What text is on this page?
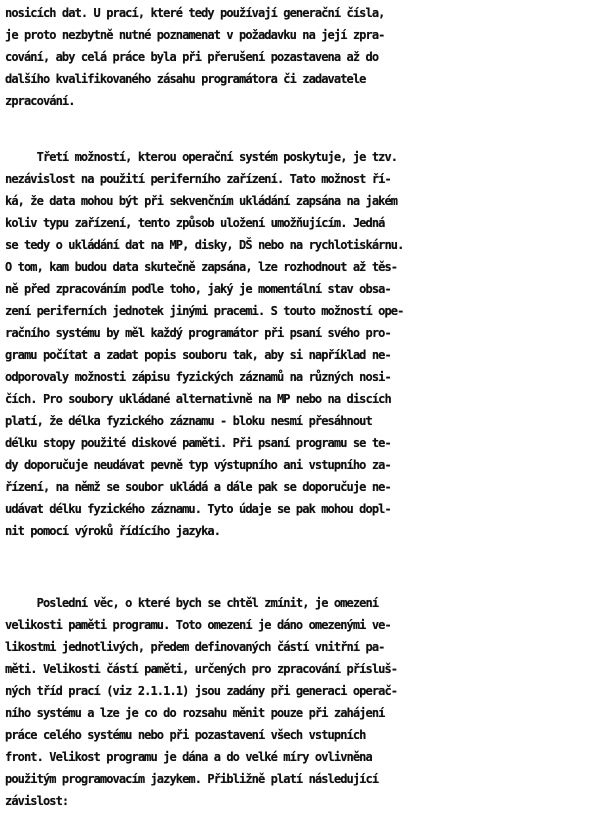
nosicích dat. U prací, které tedy používají generační čísla,
je proto nezbytně nutné poznamenat v požadavku na její zpra-
cování, aby celá práce byla při přerušení pozastavena až do
dalšího kvalifikovaného zásahu programátora či zadavatele
zpracování.
Třetí možností, kterou operační systém poskytuje, je tzv.
nezávislost na použití periferního zařízení. Tato možnost ří-
ká, že data mohou být při sekvenčním ukládání zapsána na jakém
koliv typu zařízení, tento způsob uložení umožňujícím. Jedná
se tedy o ukládání dat na MP, disky, DŠ nebo na rychlotiskárnu.
O tom, kam budou data skutečně zapsána, lze rozhodnout až těs-
ně před zpracováním podle toho, jaký je momentální stav obsa-
zení periferních jednotek jinými pracemi. S touto možností ope-
račního systému by měl každý programátor při psaní svého pro-
gramu počítat a zadat popis souboru tak, aby si například ne-
odporovaly možnosti zápisu fyzických záznamů na různých nosi-
čích. Pro soubory ukládané alternativně na MP nebo na discích
platí, že délka fyzického záznamu - bloku nesmí přesáhnout
délku stopy použité diskové paměti. Při psaní programu se te-
dy doporučuje neudávat pevně typ výstupního ani vstupního za-
řízení, na němž se soubor ukládá a dále pak se doporučuje ne-
udávat délku fyzického záznamu. Tyto údaje se pak mohou dopl-
nit pomocí výroků řídícího jazyka.
Poslední věc, o které bych se chtěl zmínit, je omezení
velikosti paměti programu. Toto omezení je dáno omezenými ve-
likostmi jednotlivých, předem definovaných částí vnitřní pa-
měti. Velikosti částí paměti, určených pro zpracování přísluš-
ných tříd prací (viz 2.1.1.1) jsou zadány při generaci operač-
ního systému a lze je co do rozsahu měnit pouze při zahájení
práce celého systému nebo při pozastavení všech vstupních
front. Velikost programu je dána a do velké míry ovlivněna
použitým programovacím jazykem. Přibližně platí následující
závislost:
